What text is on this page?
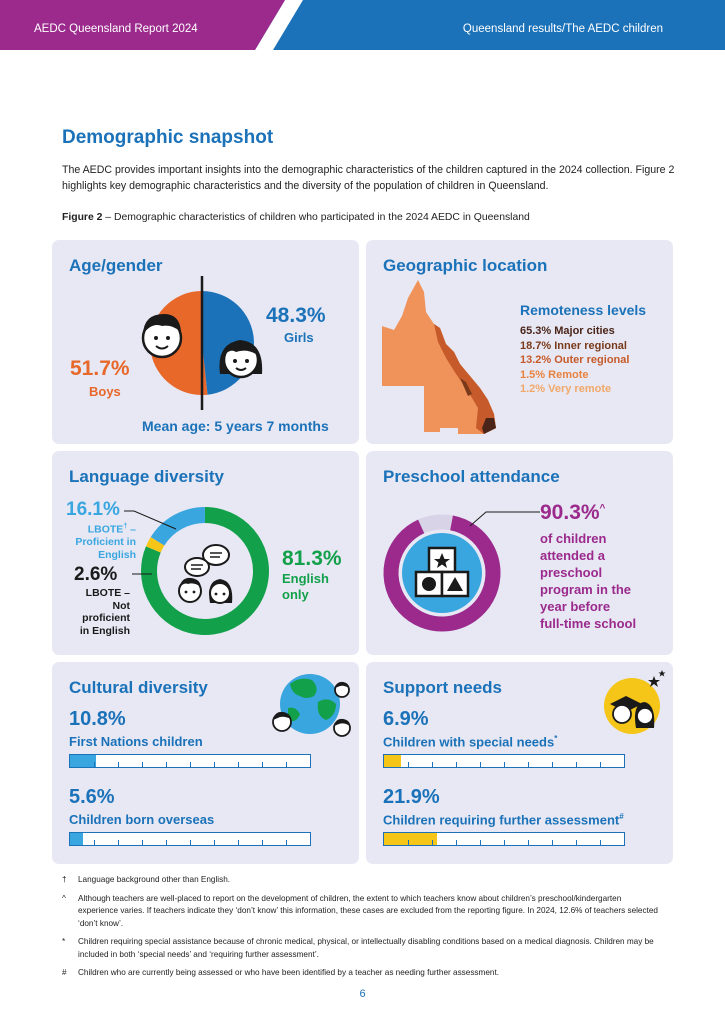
AEDC Queensland Report 2024	Queensland results/The AEDC children
Demographic snapshot
The AEDC provides important insights into the demographic characteristics of the children captured in the 2024 collection. Figure 2 highlights key demographic characteristics and the diversity of the population of children in Queensland.
Figure 2 – Demographic characteristics of children who participated in the 2024 AEDC in Queensland
Age/gender
51.7%
Boys
48.3%
Girls
Mean age: 5 years 7 months
Geographic location
Remoteness levels
65.3% Major cities
18.7% Inner regional
13.2% Outer regional
1.5% Remote
1.2% Very remote
Language diversity
16.1%
LBOTE† –
Proficient in
English
2.6%
LBOTE –
Not
proficient
in English
81.3%
English
only
Preschool attendance
90.3%^
of children
attended a
preschool
program in the
year before
full-time school
Cultural diversity
10.8%
First Nations children
5.6%
Children born overseas
Support needs
6.9%
Children with special needs*
21.9%
Children requiring further assessment#
† Language background other than English.
^ Although teachers are well-placed to report on the development of children, the extent to which teachers know about children’s preschool/kindergarten experience varies. If teachers indicate they ‘don’t know’ this information, these cases are excluded from the reporting figure. In 2024, 12.6% of teachers selected ‘don’t know’.
* Children requiring special assistance because of chronic medical, physical, or intellectually disabling conditions based on a medical diagnosis. Children may be included in both ‘special needs’ and ‘requiring further assessment’.
# Children who are currently being assessed or who have been identified by a teacher as needing further assessment.
6
